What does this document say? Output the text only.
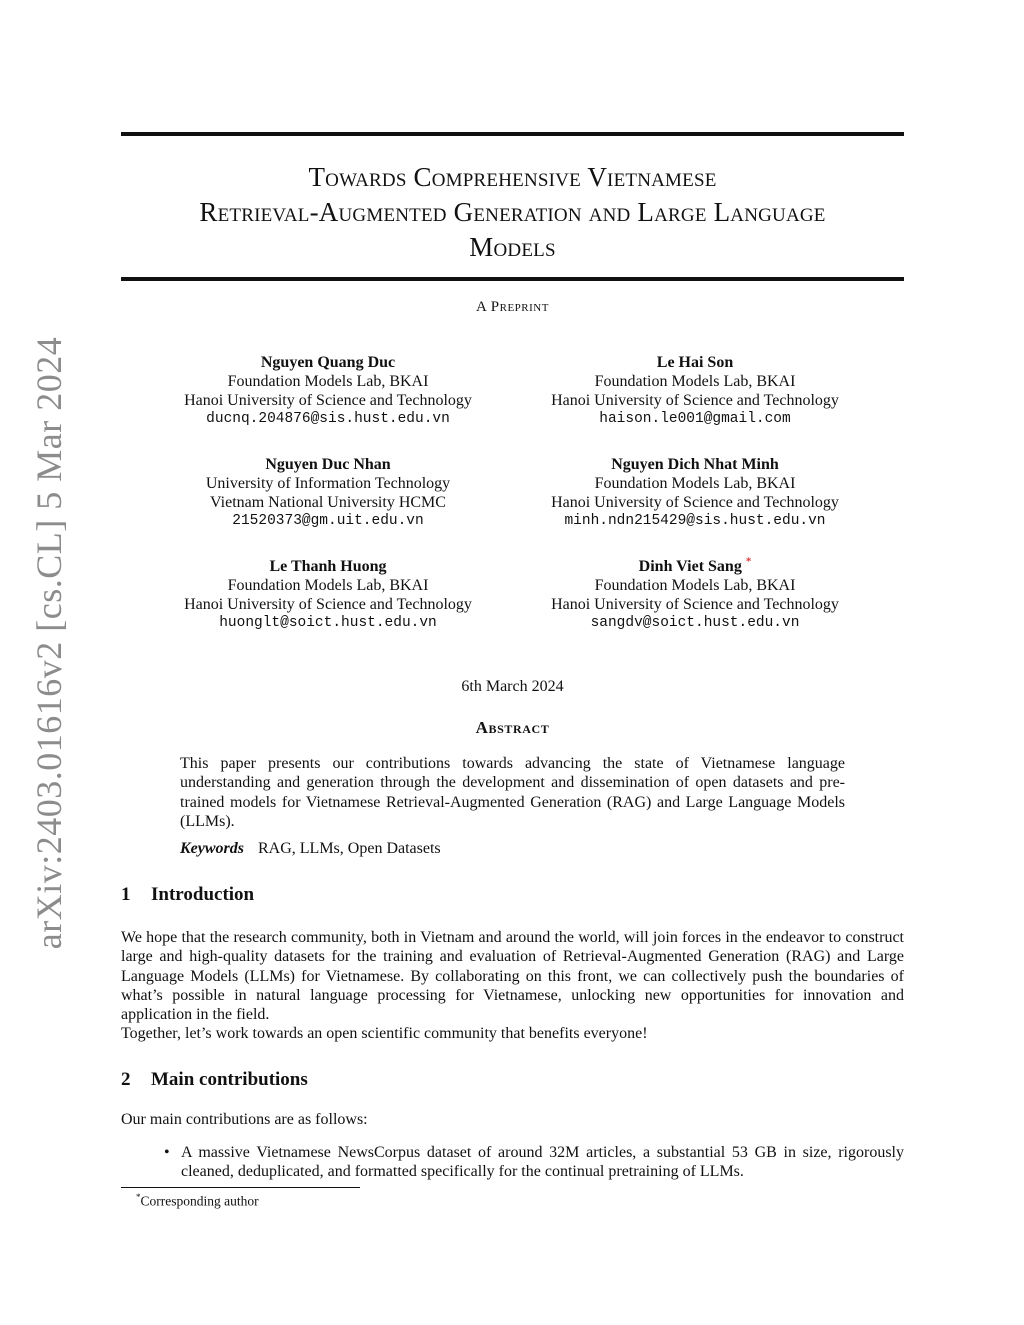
arXiv:2403.01616v2 [cs.CL] 5 Mar 2024
Towards Comprehensive Vietnamese
Retrieval-Augmented Generation and Large Language
Models
A Preprint
Nguyen Quang Duc
Foundation Models Lab, BKAI
Hanoi University of Science and Technology
ducnq.204876@sis.hust.edu.vn
Le Hai Son
Foundation Models Lab, BKAI
Hanoi University of Science and Technology
haison.le001@gmail.com
Nguyen Duc Nhan
University of Information Technology
Vietnam National University HCMC
21520373@gm.uit.edu.vn
Nguyen Dich Nhat Minh
Foundation Models Lab, BKAI
Hanoi University of Science and Technology
minh.ndn215429@sis.hust.edu.vn
Le Thanh Huong
Foundation Models Lab, BKAI
Hanoi University of Science and Technology
huonglt@soict.hust.edu.vn
Dinh Viet Sang *
Foundation Models Lab, BKAI
Hanoi University of Science and Technology
sangdv@soict.hust.edu.vn
6th March 2024
Abstract
This paper presents our contributions towards advancing the state of Vietnamese language understanding and generation through the development and dissemination of open datasets and pre-trained models for Vietnamese Retrieval-Augmented Generation (RAG) and Large Language Models (LLMs).
Keywords RAG, LLMs, Open Datasets
1 Introduction

We hope that the research community, both in Vietnam and around the world, will join forces in the endeavor to construct large and high-quality datasets for the training and evaluation of Retrieval-Augmented Generation (RAG) and Large Language Models (LLMs) for Vietnamese. By collaborating on this front, we can collectively push the boundaries of what’s possible in natural language processing for Vietnamese, unlocking new opportunities for innovation and application in the field.

Together, let’s work towards an open scientific community that benefits everyone!

2 Main contributions

Our main contributions are as follows:

• A massive Vietnamese NewsCorpus dataset of around 32M articles, a substantial 53 GB in size, rigorously cleaned, deduplicated, and formatted specifically for the continual pretraining of LLMs.
*Corresponding author
